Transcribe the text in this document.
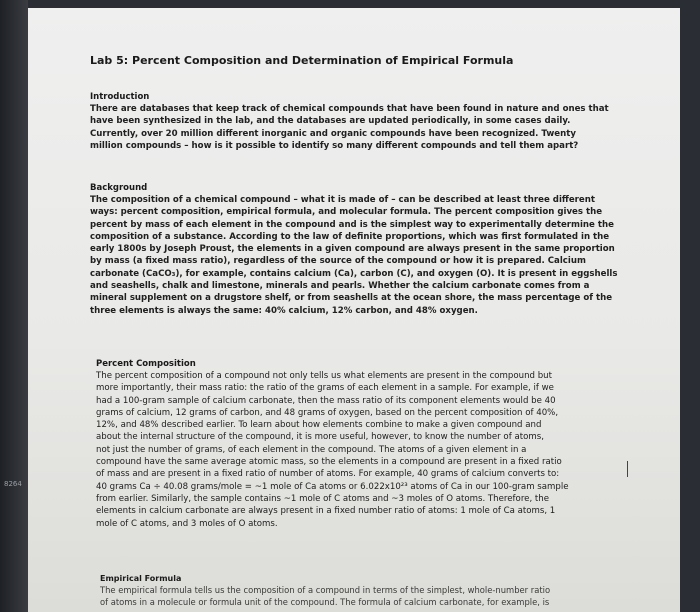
8264
Lab 5: Percent Composition and Determination of Empirical Formula
Introduction
There are databases that keep track of chemical compounds that have been found in nature and ones that
have been synthesized in the lab, and the databases are updated periodically, in some cases daily.
Currently, over 20 million different inorganic and organic compounds have been recognized. Twenty
million compounds – how is it possible to identify so many different compounds and tell them apart?
Background
The composition of a chemical compound – what it is made of – can be described at least three different
ways: percent composition, empirical formula, and molecular formula. The percent composition gives the
percent by mass of each element in the compound and is the simplest way to experimentally determine the
composition of a substance. According to the law of definite proportions, which was first formulated in the
early 1800s by Joseph Proust, the elements in a given compound are always present in the same proportion
by mass (a fixed mass ratio), regardless of the source of the compound or how it is prepared. Calcium
carbonate (CaCO₃), for example, contains calcium (Ca), carbon (C), and oxygen (O). It is present in eggshells
and seashells, chalk and limestone, minerals and pearls. Whether the calcium carbonate comes from a
mineral supplement on a drugstore shelf, or from seashells at the ocean shore, the mass percentage of the
three elements is always the same: 40% calcium, 12% carbon, and 48% oxygen.
Percent Composition
The percent composition of a compound not only tells us what elements are present in the compound but
more importantly, their mass ratio: the ratio of the grams of each element in a sample. For example, if we
had a 100-gram sample of calcium carbonate, then the mass ratio of its component elements would be 40
grams of calcium, 12 grams of carbon, and 48 grams of oxygen, based on the percent composition of 40%,
12%, and 48% described earlier. To learn about how elements combine to make a given compound and
about the internal structure of the compound, it is more useful, however, to know the number of atoms,
not just the number of grams, of each element in the compound. The atoms of a given element in a
compound have the same average atomic mass, so the elements in a compound are present in a fixed ratio
of mass and are present in a fixed ratio of number of atoms. For example, 40 grams of calcium converts to:
40 grams Ca ÷ 40.08 grams/mole = ~1 mole of Ca atoms or 6.022x10²³ atoms of Ca in our 100-gram sample
from earlier. Similarly, the sample contains ~1 mole of C atoms and ~3 moles of O atoms. Therefore, the
elements in calcium carbonate are always present in a fixed number ratio of atoms: 1 mole of Ca atoms, 1
mole of C atoms, and 3 moles of O atoms.
Empirical Formula
The empirical formula tells us the composition of a compound in terms of the simplest, whole-number ratio
of atoms in a molecule or formula unit of the compound. The formula of calcium carbonate, for example, is
